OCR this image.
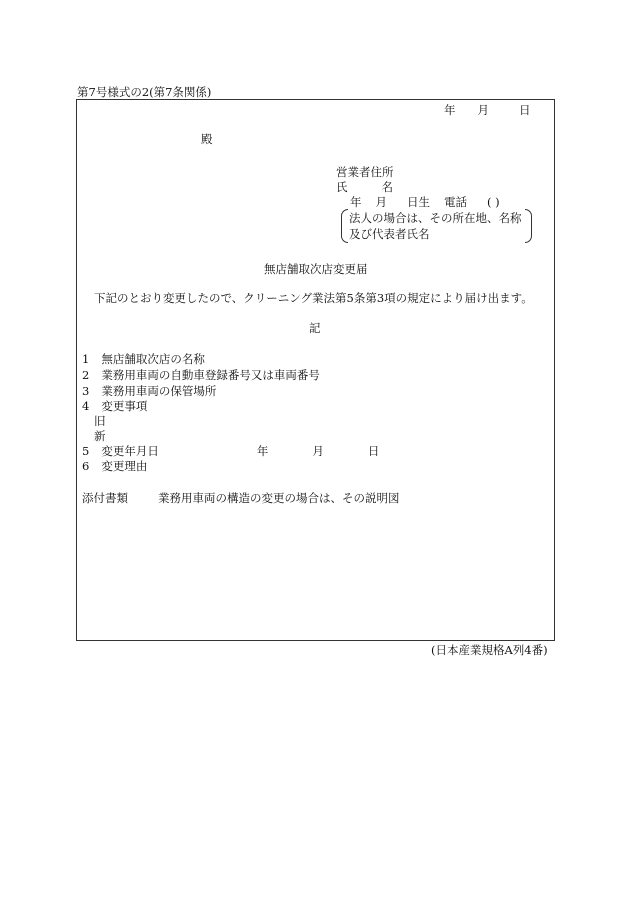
第7号様式の2(第7条関係)
年 月	日
殿
営業者住所
氏	名
年 月 日生 電話 ( )
法人の場合は、その所在地、名称
及び代表者氏名
無店舗取次店変更届
下記のとおり変更したので、クリーニング業法第5条第3項の規定により届け出ます。
記
1 無店舗取次店の名称
2 業務用車両の自動車登録番号又は車両番号
3 業務用車両の保管場所
4 変更事項
旧
新
5 変更年月日	年	月	日
6 変更理由
添付書類	業務用車両の構造の変更の場合は、その説明図
(日本産業規格A列4番)
